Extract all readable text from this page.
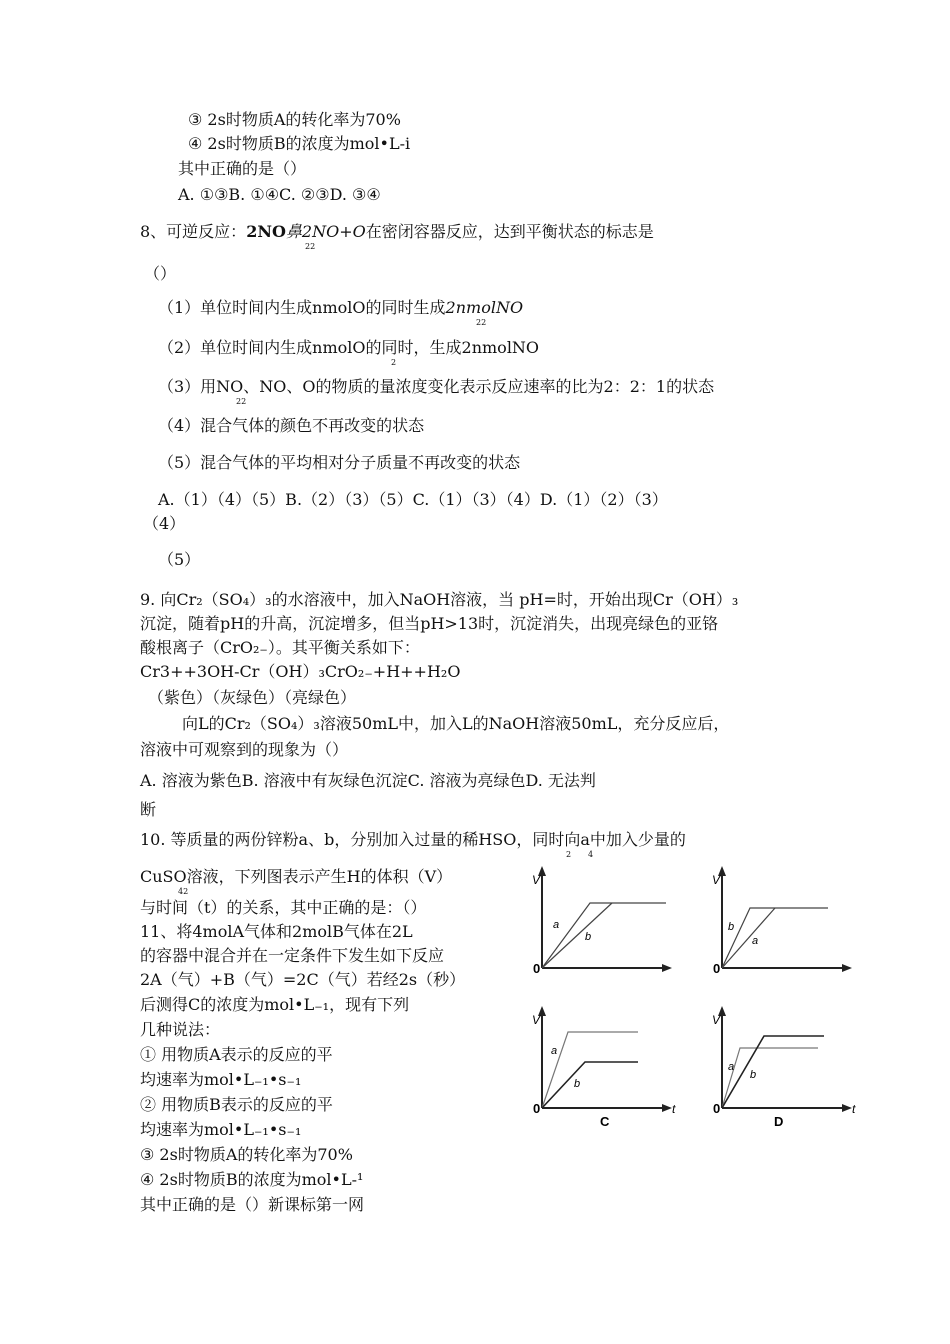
③ 2s时物质A的转化率为70%
④ 2s时物质B的浓度为mol•L-i
其中正确的是（）
A. ①③B. ①④C. ②③D. ③④
8、可逆反应：2NO鼻2NO+O在密闭容器反应，达到平衡状态的标志是
22
（）
（1）单位时间内生成nmolO的同时生成2nmolNO
22
（2）单位时间内生成nmolO的同时，生成2nmolNO
2
（3）用NO、NO、O的物质的量浓度变化表示反应速率的比为2：2：1的状态
22
（4）混合气体的颜色不再改变的状态
（5）混合气体的平均相对分子质量不再改变的状态
A.（1）（4）（5）B.（2）（3）（5）C.（1）（3）（4）D.（1）（2）（3）
（4）
（5）
9. 向Cr₂（SO₄）₃的水溶液中，加入NaOH溶液，当 pH=时，开始出现Cr（OH）₃
沉淀，随着pH的升高，沉淀增多，但当pH>13时，沉淀消失，出现亮绿色的亚铬
酸根离子（CrO₂₋）。其平衡关系如下：
Cr3++3OH-Cr（OH）₃CrO₂₋+H++H₂O
（紫色）（灰绿色）（亮绿色）
向L的Cr₂（SO₄）₃溶液50mL中，加入L的NaOH溶液50mL，充分反应后，
溶液中可观察到的现象为（）
A. 溶液为紫色B. 溶液中有灰绿色沉淀C. 溶液为亮绿色D. 无法判
断
10. 等质量的两份锌粉a、b，分别加入过量的稀HSO，同时向a中加入少量的
2 4
CuSO溶液，下列图表示产生H的体积（V）
42
与时间（t）的关系，其中正确的是：（）
11、将4molA气体和2molB气体在2L
的容器中混合并在一定条件下发生如下反应
2A（气）+B（气）=2C（气）若经2s（秒）
后测得C的浓度为mol•L₋₁，现有下列
几种说法：
① 用物质A表示的反应的平
均速率为mol•L₋₁•s₋₁
② 用物质B表示的反应的平
均速率为mol•L₋₁•s₋₁
③ 2s时物质A的转化率为70%
④ 2s时物质B的浓度为mol•L-¹
其中正确的是（）新课标第一网
V
0
a
b
V
0
b
a
V
0	t
a
b
C
V
0	t
a
b
D
